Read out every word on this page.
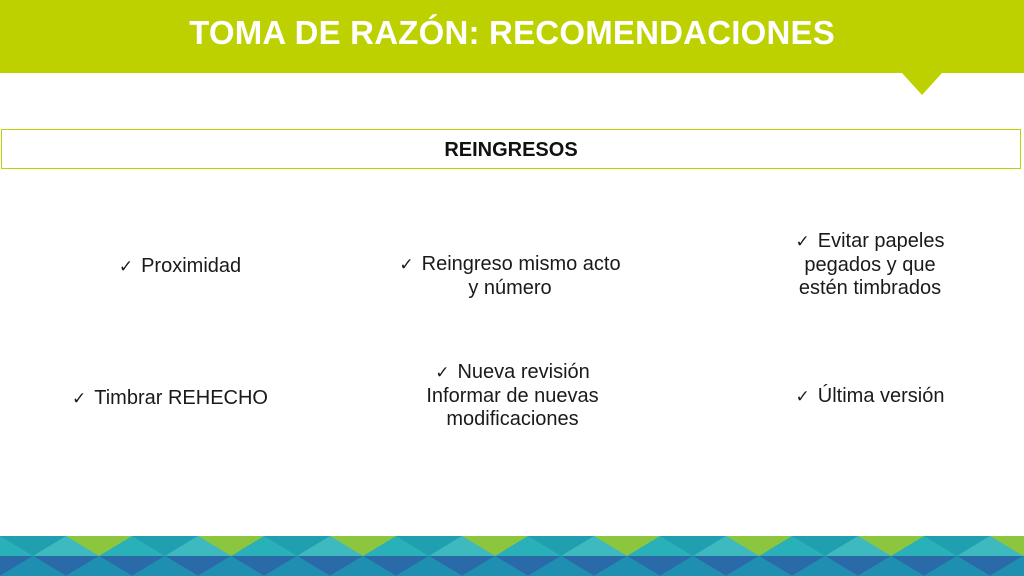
TOMA DE RAZÓN: RECOMENDACIONES
REINGRESOS
✓ Proximidad	✓ Reingreso mismo acto
y número
✓ Evitar papeles
pegados y que
estén timbrados
✓ Timbrar REHECHO
✓ Nueva revisión
Informar de nuevas
modificaciones
✓ Última versión
